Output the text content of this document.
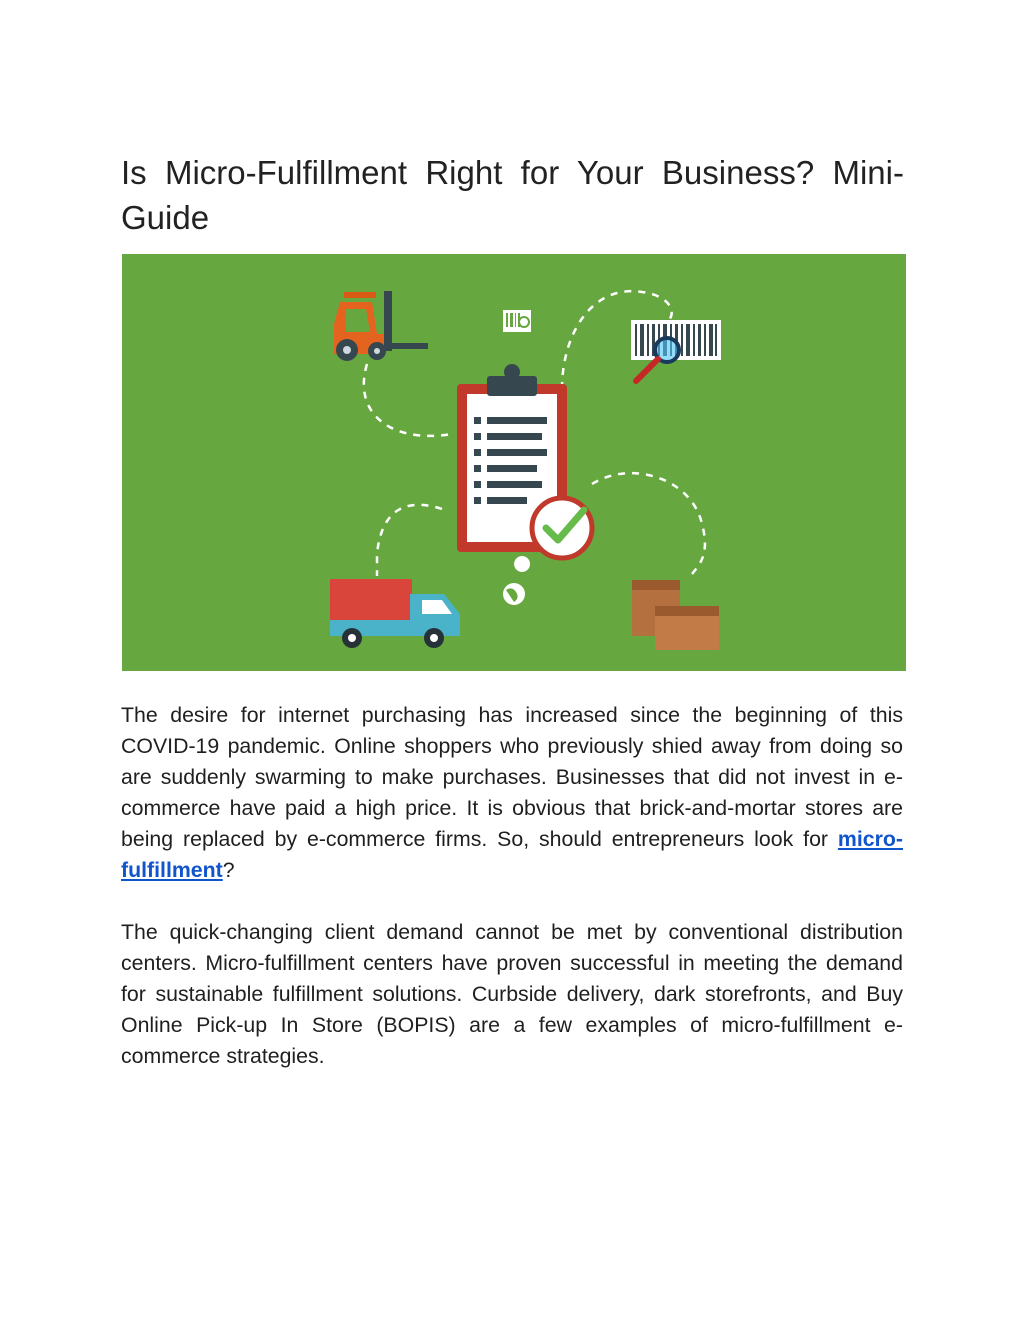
Is Micro-Fulfillment Right for Your Business? Mini-Guide

The desire for internet purchasing has increased since the beginning of this COVID-19 pandemic. Online shoppers who previously shied away from doing so are suddenly swarming to make purchases. Businesses that did not invest in e-commerce have paid a high price. It is obvious that brick-and-mortar stores are being replaced by e-commerce firms. So, should entrepreneurs look for micro-fulfillment?

The quick-changing client demand cannot be met by conventional distribution centers. Micro-fulfillment centers have proven successful in meeting the demand for sustainable fulfillment solutions. Curbside delivery, dark storefronts, and Buy Online Pick-up In Store (BOPIS) are a few examples of micro-fulfillment e-commerce strategies.
